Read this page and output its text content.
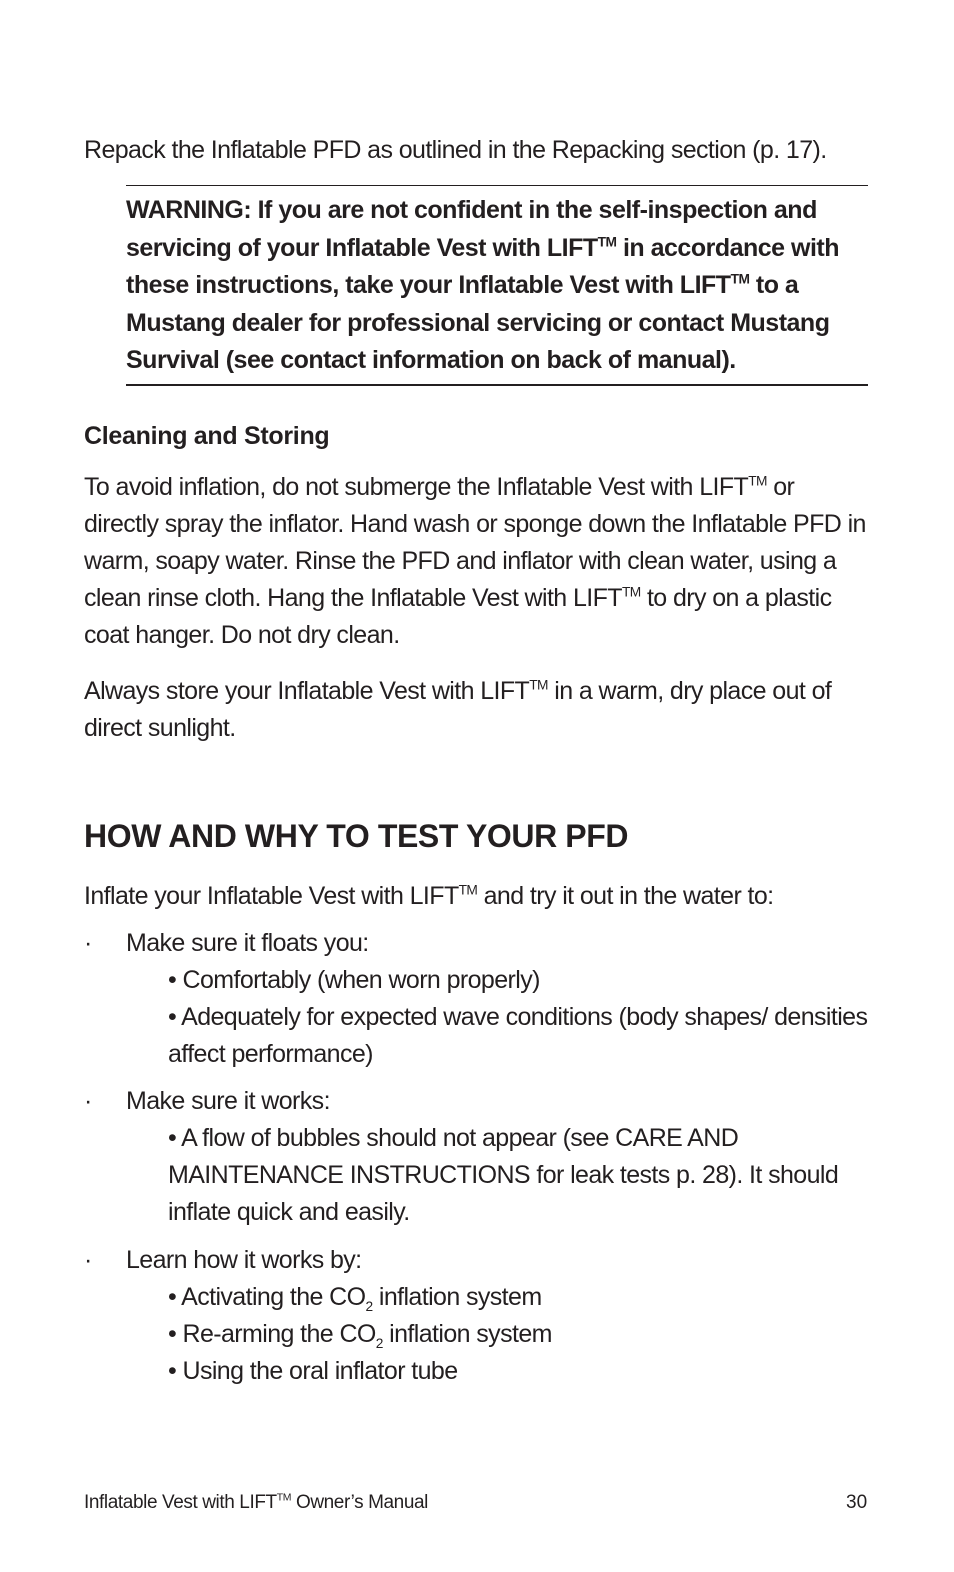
Repack the Inflatable PFD as outlined in the Repacking section (p. 17).

WARNING: If you are not confident in the self-inspection and servicing of your Inflatable Vest with LIFT™ in accordance with these instructions, take your Inflatable Vest with LIFT™ to a Mustang dealer for professional servicing or contact Mustang Survival (see contact information on back of manual).
Cleaning and Storing

To avoid inflation, do not submerge the Inflatable Vest with LIFT™ or directly spray the inflator. Hand wash or sponge down the Inflatable PFD in warm, soapy water. Rinse the PFD and inflator with clean water, using a clean rinse cloth. Hang the Inflatable Vest with LIFT™ to dry on a plastic coat hanger. Do not dry clean.

Always store your Inflatable Vest with LIFT™ in a warm, dry place out of direct sunlight.

HOW AND WHY TO TEST YOUR PFD

Inflate your Inflatable Vest with LIFT™ and try it out in the water to:

· Make sure it floats you:
• Comfortably (when worn properly)
• Adequately for expected wave conditions (body shapes/ densities affect performance)
· Make sure it works:
• A flow of bubbles should not appear (see CARE AND MAINTENANCE INSTRUCTIONS for leak tests p. 28). It should inflate quick and easily.
· Learn how it works by:
• Activating the $CO_2$ inflation system
• Re-arming the $CO_2$ inflation system
• Using the oral inflator tube
Inflatable Vest with LIFT™ Owner’s Manual	30
